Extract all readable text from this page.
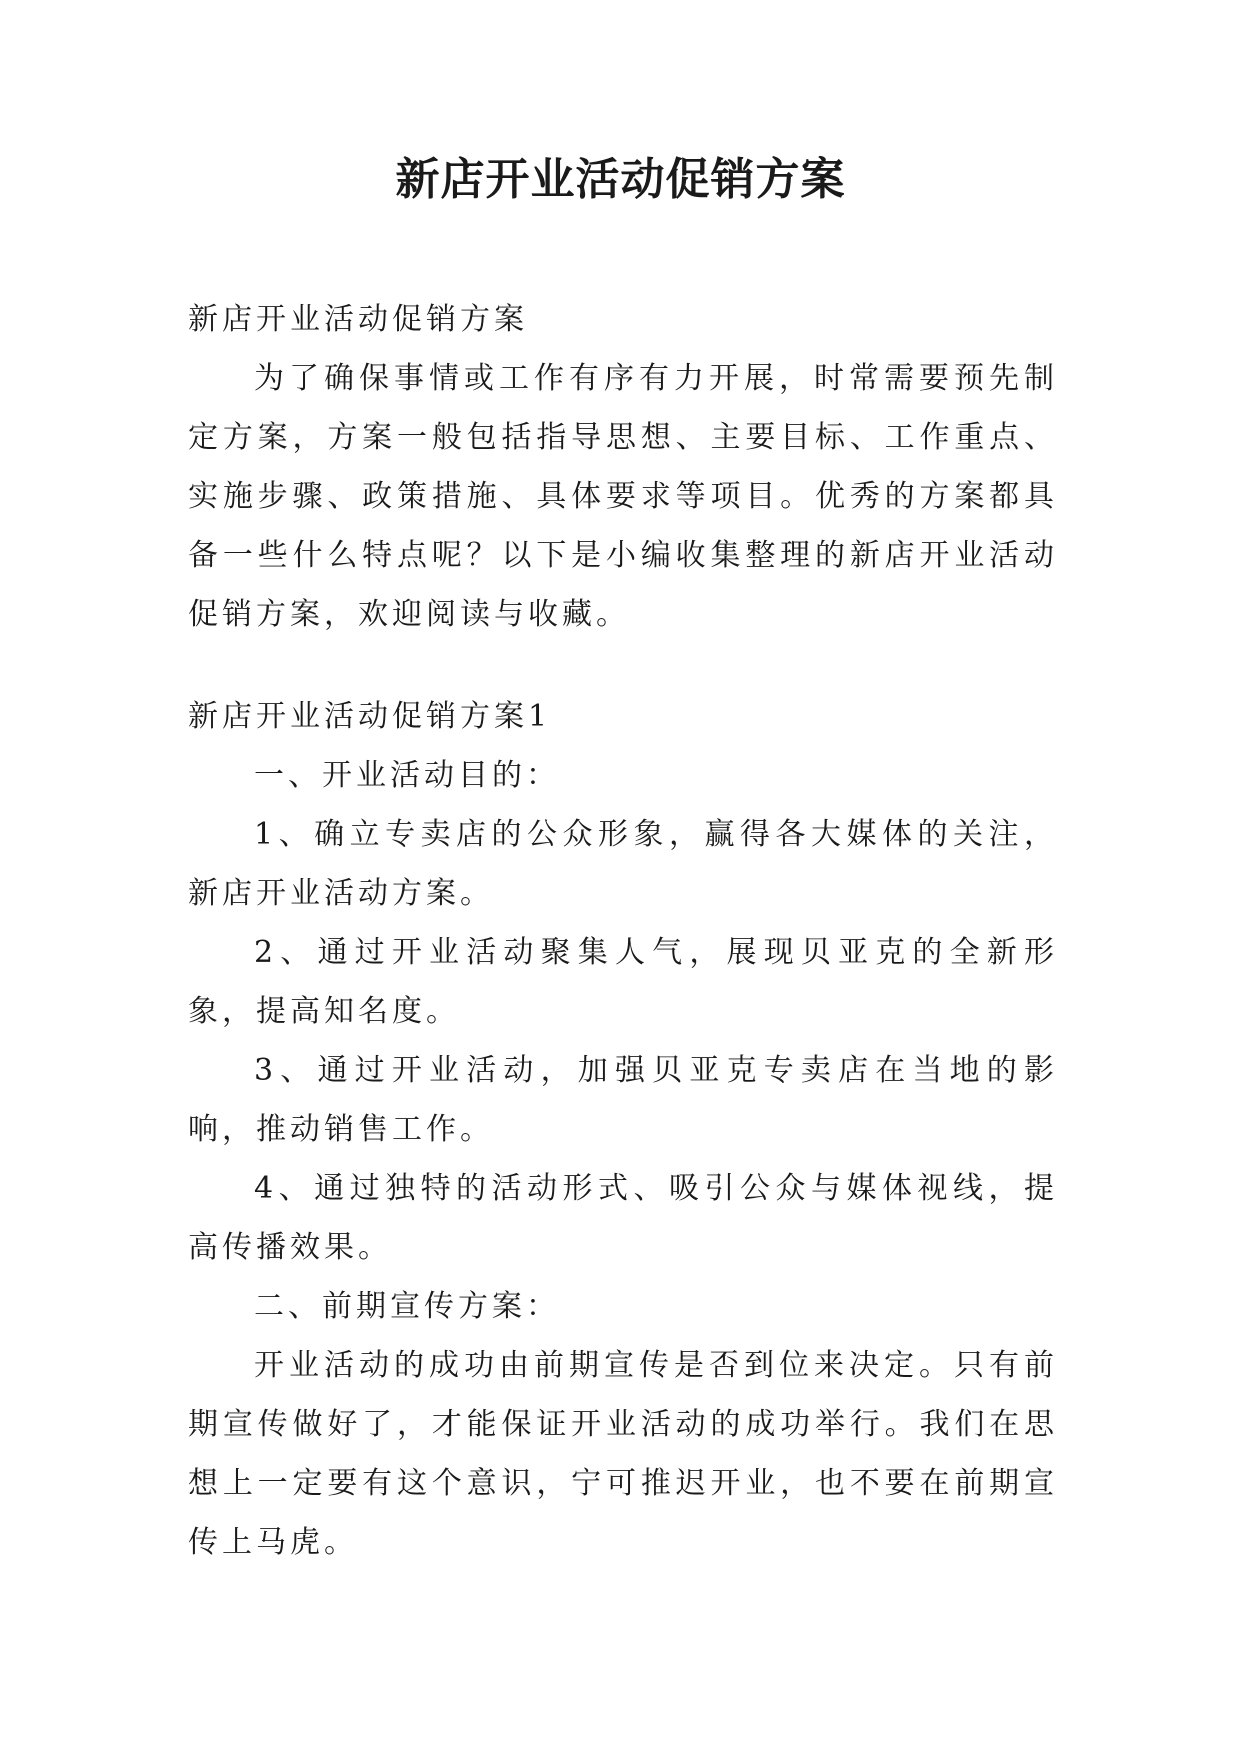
新店开业活动促销方案

新店开业活动促销方案

为了确保事情或工作有序有力开展，时常需要预先制定方案，方案一般包括指导思想、主要目标、工作重点、实施步骤、政策措施、具体要求等项目。优秀的方案都具备一些什么特点呢？以下是小编收集整理的新店开业活动促销方案，欢迎阅读与收藏。

新店开业活动促销方案1

一、开业活动目的：

1、确立专卖店的公众形象，赢得各大媒体的关注，新店开业活动方案。

2、通过开业活动聚集人气，展现贝亚克的全新形象，提高知名度。

3、通过开业活动，加强贝亚克专卖店在当地的影响，推动销售工作。

4、通过独特的活动形式、吸引公众与媒体视线，提高传播效果。

二、前期宣传方案：

开业活动的成功由前期宣传是否到位来决定。只有前期宣传做好了，才能保证开业活动的成功举行。我们在思想上一定要有这个意识，宁可推迟开业，也不要在前期宣传上马虎。
